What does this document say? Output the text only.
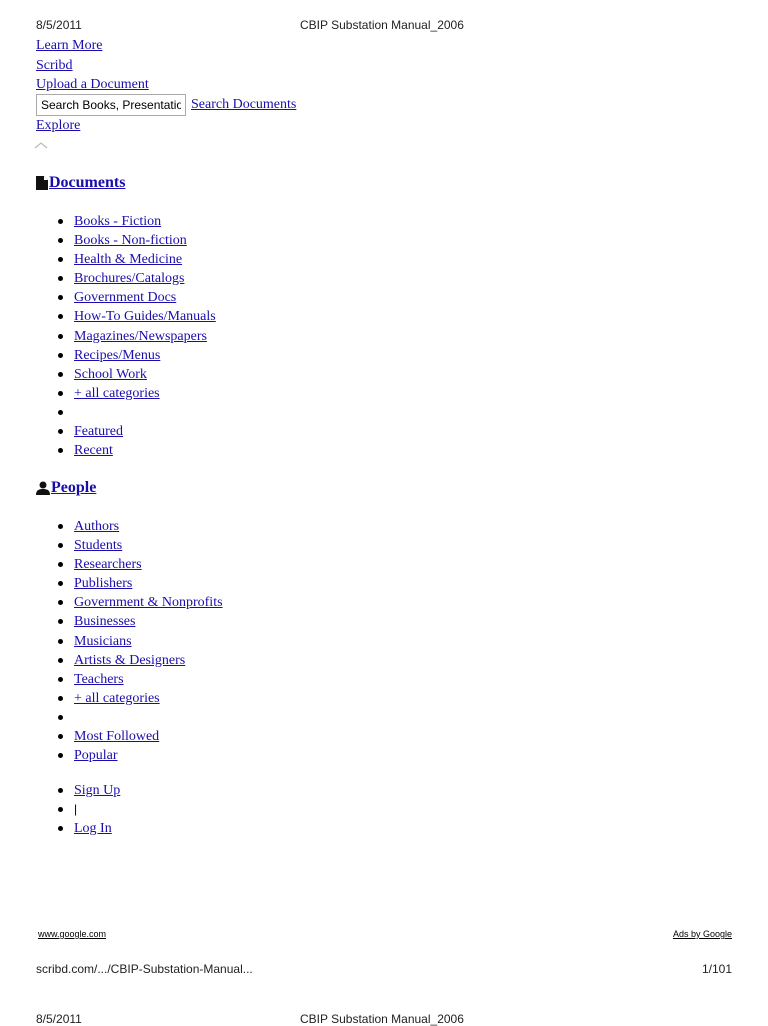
8/5/2011	CBIP Substation Manual_2006
Learn More
Scribd
Upload a Document
Search Books, Presentations
Search Documents
Explore
Documents
Books - Fiction
Books - Non-fiction
Health & Medicine
Brochures/Catalogs
Government Docs
How-To Guides/Manuals
Magazines/Newspapers
Recipes/Menus
School Work
+ all categories
Featured
Recent
People
Authors
Students
Researchers
Publishers
Government & Nonprofits
Businesses
Musicians
Artists & Designers
Teachers
+ all categories
Most Followed
Popular
Sign Up
|
Log In
www.google.com	Ads by Google
scribd.com/.../CBIP-Substation-Manual...	1/101
8/5/2011	CBIP Substation Manual_2006
